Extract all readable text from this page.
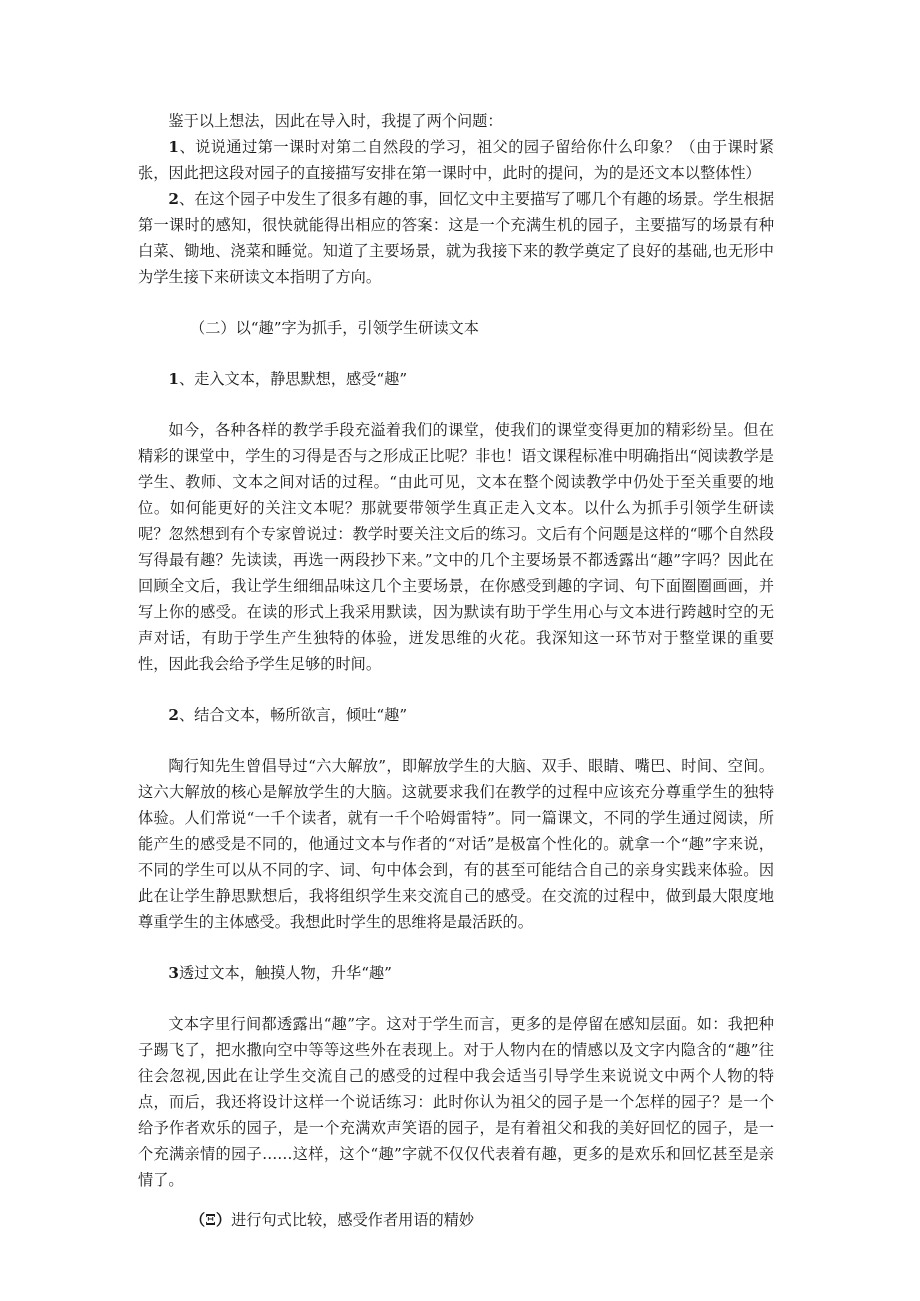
鉴于以上想法，因此在导入时，我提了两个问题：

1、说说通过第一课时对第二自然段的学习，祖父的园子留给你什么印象？（由于课时紧张，因此把这段对园子的直接描写安排在第一课时中，此时的提问，为的是还文本以整体性）

2、在这个园子中发生了很多有趣的事，回忆文中主要描写了哪几个有趣的场景。学生根据第一课时的感知，很快就能得出相应的答案：这是一个充满生机的园子，主要描写的场景有种白菜、锄地、浇菜和睡觉。知道了主要场景，就为我接下来的教学奠定了良好的基础,也无形中为学生接下来研读文本指明了方向。

（二）以“趣”字为抓手，引领学生研读文本

1、走入文本，静思默想，感受“趣”

如今，各种各样的教学手段充溢着我们的课堂，使我们的课堂变得更加的精彩纷呈。但在精彩的课堂中，学生的习得是否与之形成正比呢？非也！语文课程标准中明确指出“阅读教学是学生、教师、文本之间对话的过程。“由此可见，文本在整个阅读教学中仍处于至关重要的地位。如何能更好的关注文本呢？那就要带领学生真正走入文本。以什么为抓手引领学生研读呢？忽然想到有个专家曾说过：教学时要关注文后的练习。文后有个问题是这样的“哪个自然段写得最有趣？先读读，再选一两段抄下来。”文中的几个主要场景不都透露出“趣”字吗？因此在回顾全文后，我让学生细细品味这几个主要场景，在你感受到趣的字词、句下面圈圈画画，并写上你的感受。在读的形式上我采用默读，因为默读有助于学生用心与文本进行跨越时空的无声对话，有助于学生产生独特的体验，迸发思维的火花。我深知这一环节对于整堂课的重要性，因此我会给予学生足够的时间。

2、结合文本，畅所欲言，倾吐“趣”

陶行知先生曾倡导过“六大解放”，即解放学生的大脑、双手、眼睛、嘴巴、时间、空间。这六大解放的核心是解放学生的大脑。这就要求我们在教学的过程中应该充分尊重学生的独特体验。人们常说“一千个读者，就有一千个哈姆雷特”。同一篇课文，不同的学生通过阅读，所能产生的感受是不同的，他通过文本与作者的“对话”是极富个性化的。就拿一个“趣”字来说，不同的学生可以从不同的字、词、句中体会到，有的甚至可能结合自己的亲身实践来体验。因此在让学生静思默想后，我将组织学生来交流自己的感受。在交流的过程中，做到最大限度地尊重学生的主体感受。我想此时学生的思维将是最活跃的。

3透过文本，触摸人物，升华“趣”

文本字里行间都透露出“趣”字。这对于学生而言，更多的是停留在感知层面。如：我把种子踢飞了，把水撒向空中等等这些外在表现上。对于人物内在的情感以及文字内隐含的“趣”往往会忽视,因此在让学生交流自己的感受的过程中我会适当引导学生来说说文中两个人物的特点，而后，我还将设计这样一个说话练习：此时你认为祖父的园子是一个怎样的园子？是一个给予作者欢乐的园子，是一个充满欢声笑语的园子，是有着祖父和我的美好回忆的园子，是一个充满亲情的园子……这样，这个“趣”字就不仅仅代表着有趣，更多的是欢乐和回忆甚至是亲情了。

（Ξ）进行句式比较，感受作者用语的精妙
